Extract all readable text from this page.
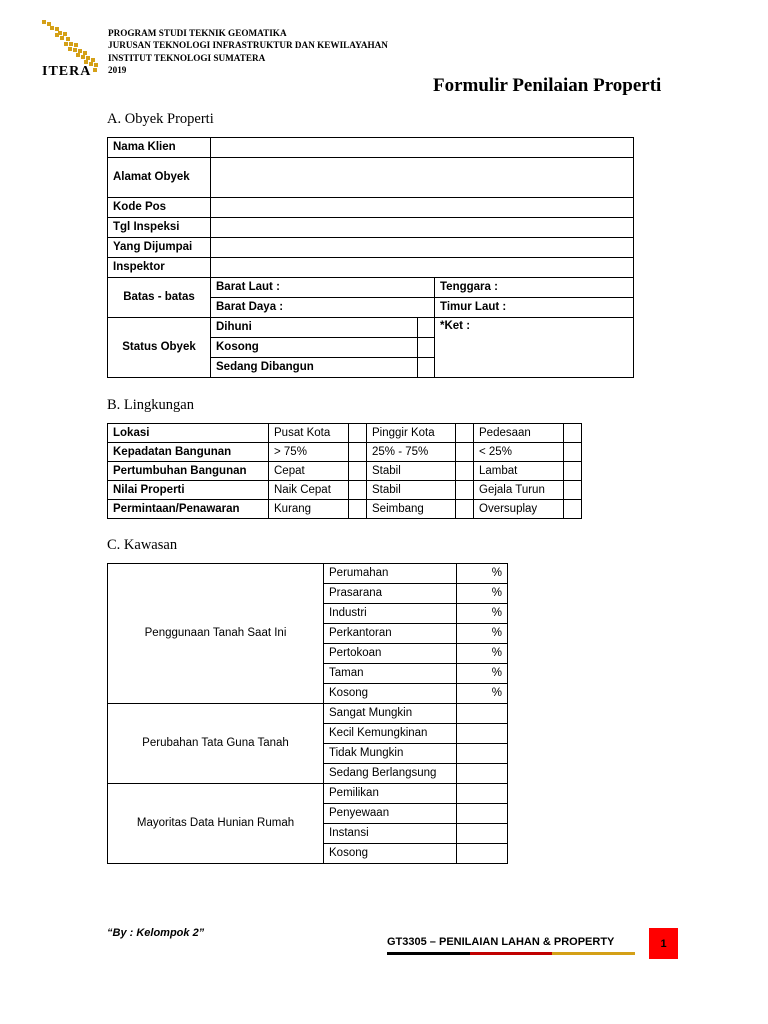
ITERA
PROGRAM STUDI TEKNIK GEOMATIKA
JURUSAN TEKNOLOGI INFRASTRUKTUR DAN KEWILAYAHAN
INSTITUT TEKNOLOGI SUMATERA
2019
Formulir Penilaian Properti
A. Obyek Properti
Nama Klien			
Alamat Obyek			
Kode Pos			
Tgl Inspeksi			
Yang Dijumpai			
Inspektor			
Batas - batas	Barat Laut :		Tenggara :
	Barat Daya :		Timur Laut :
Status Obyek	Dihuni		*Ket :
	Kosong		
	Sedang Dibangun		
B. Lingkungan
Lokasi	Pusat Kota		Pinggir Kota		Pedesaan	
Kepadatan Bangunan	> 75%		25% - 75%		< 25%	
Pertumbuhan Bangunan	Cepat		Stabil		Lambat	
Nilai Properti	Naik Cepat		Stabil		Gejala Turun	
Permintaan/Penawaran	Kurang		Seimbang		Oversuplay	
C. Kawasan
Penggunaan Tanah Saat Ini	Perumahan	%
	Prasarana	%
	Industri	%
	Perkantoran	%
	Pertokoan	%
	Taman	%
	Kosong	%
Perubahan Tata Guna Tanah	Sangat Mungkin	
	Kecil Kemungkinan	
	Tidak Mungkin	
	Sedang Berlangsung	
Mayoritas Data Hunian Rumah	Pemilikan	
	Penyewaan	
	Instansi	
	Kosong	
“By : Kelompok 2”
GT3305 – PENILAIAN LAHAN & PROPERTY	1
